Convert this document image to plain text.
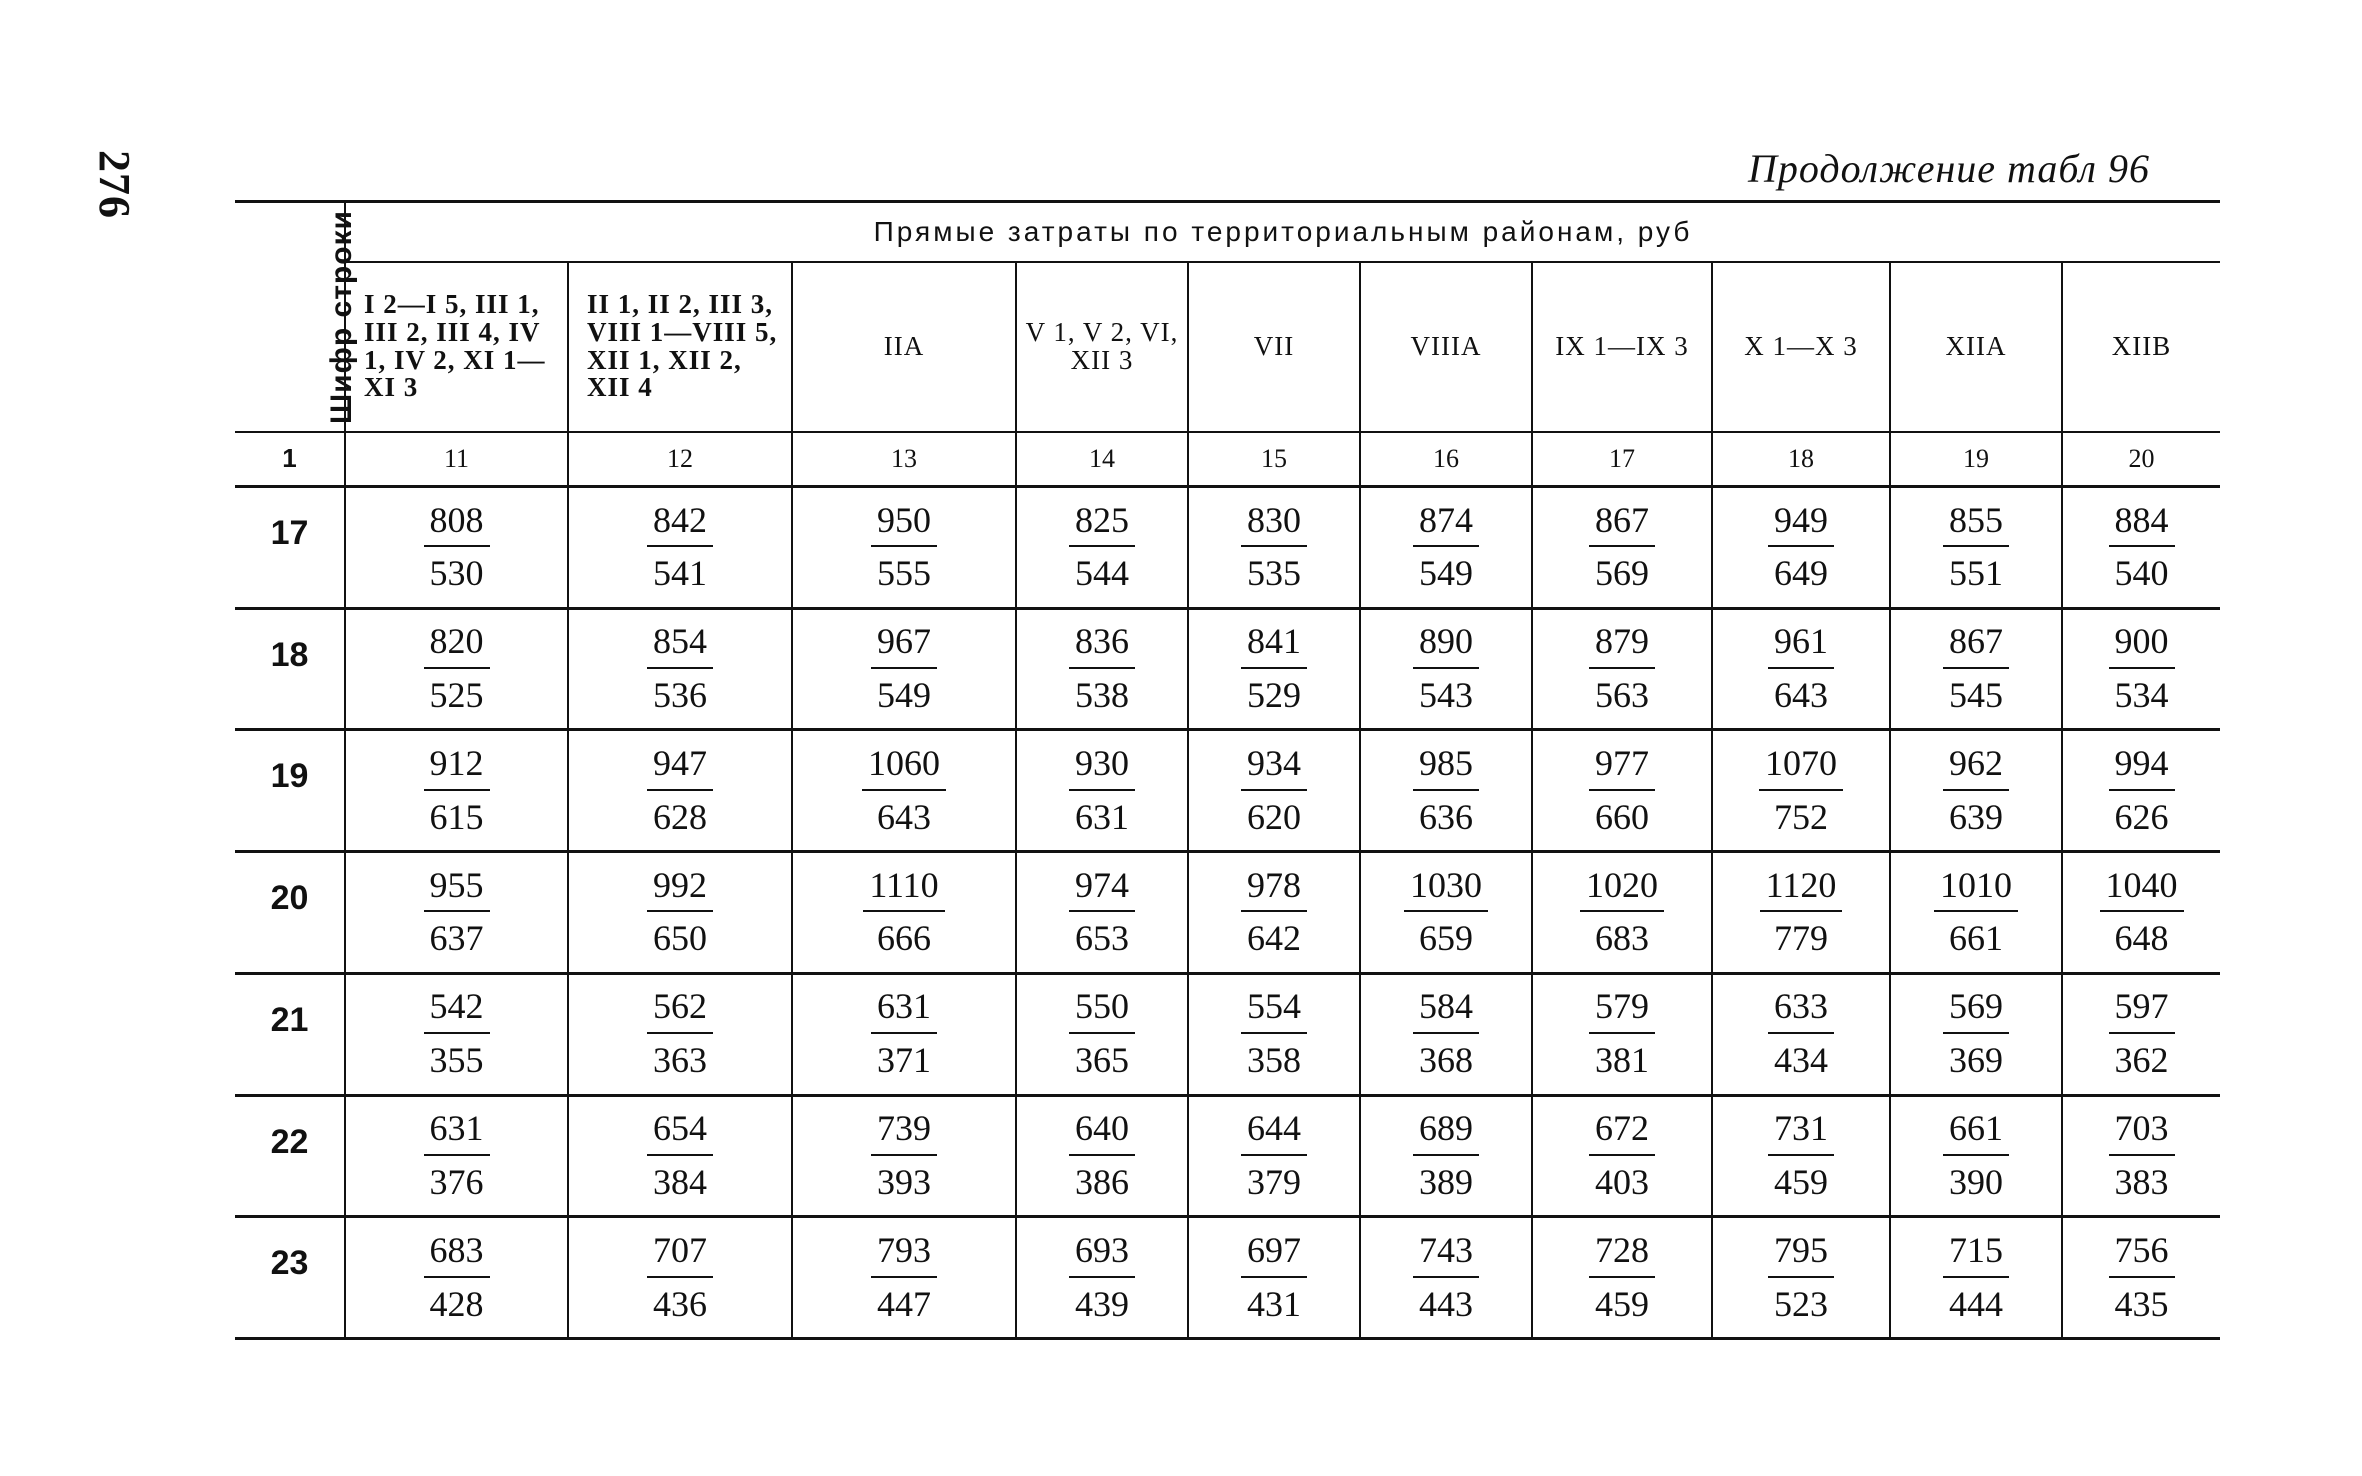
276	Продолжение табл 96
Шифр строки	Прямые затраты по территориальным районам, руб									
	I 2—I 5, III 1, III 2, III 4, IV 1, IV 2, XI 1—XI 3	II 1, II 2, III 3, VIII 1—VIII 5, XII 1, XII 2, XII 4	IIA	V 1, V 2, VI, XII 3	VII	VIIIA	IX 1—IX 3	X 1—X 3	XIIA	XIIB
1	11	12	13	14	15	16	17	18	19	20
17	$\frac{808}{530}$	$\frac{842}{541}$	$\frac{950}{555}$	$\frac{825}{544}$	$\frac{830}{535}$	$\frac{874}{549}$	$\frac{867}{569}$	$\frac{949}{649}$	$\frac{855}{551}$	$\frac{884}{540}$

18	$\frac{820}{525}$	$\frac{854}{536}$	$\frac{967}{549}$	$\frac{836}{538}$	$\frac{841}{529}$	$\frac{890}{543}$	$\frac{879}{563}$	$\frac{961}{643}$	$\frac{867}{545}$	$\frac{900}{534}$

19	$\frac{912}{615}$	$\frac{947}{628}$	$\frac{1060}{643}$	$\frac{930}{631}$	$\frac{934}{620}$	$\frac{985}{636}$	$\frac{977}{660}$	$\frac{1070}{752}$	$\frac{962}{639}$	$\frac{994}{626}$

20	$\frac{955}{637}$	$\frac{992}{650}$	$\frac{1110}{666}$	$\frac{974}{653}$	$\frac{978}{642}$	$\frac{1030}{659}$	$\frac{1020}{683}$	$\frac{1120}{779}$	$\frac{1010}{661}$	$\frac{1040}{648}$

21	$\frac{542}{355}$	$\frac{562}{363}$	$\frac{631}{371}$	$\frac{550}{365}$	$\frac{554}{358}$	$\frac{584}{368}$	$\frac{579}{381}$	$\frac{633}{434}$	$\frac{569}{369}$	$\frac{597}{362}$

22	$\frac{631}{376}$	$\frac{654}{384}$	$\frac{739}{393}$	$\frac{640}{386}$	$\frac{644}{379}$	$\frac{689}{389}$	$\frac{672}{403}$	$\frac{731}{459}$	$\frac{661}{390}$	$\frac{703}{383}$

23	$\frac{683}{428}$	$\frac{707}{436}$	$\frac{793}{447}$	$\frac{693}{439}$	$\frac{697}{431}$	$\frac{743}{443}$	$\frac{728}{459}$	$\frac{795}{523}$	$\frac{715}{444}$	$\frac{756}{435}$
